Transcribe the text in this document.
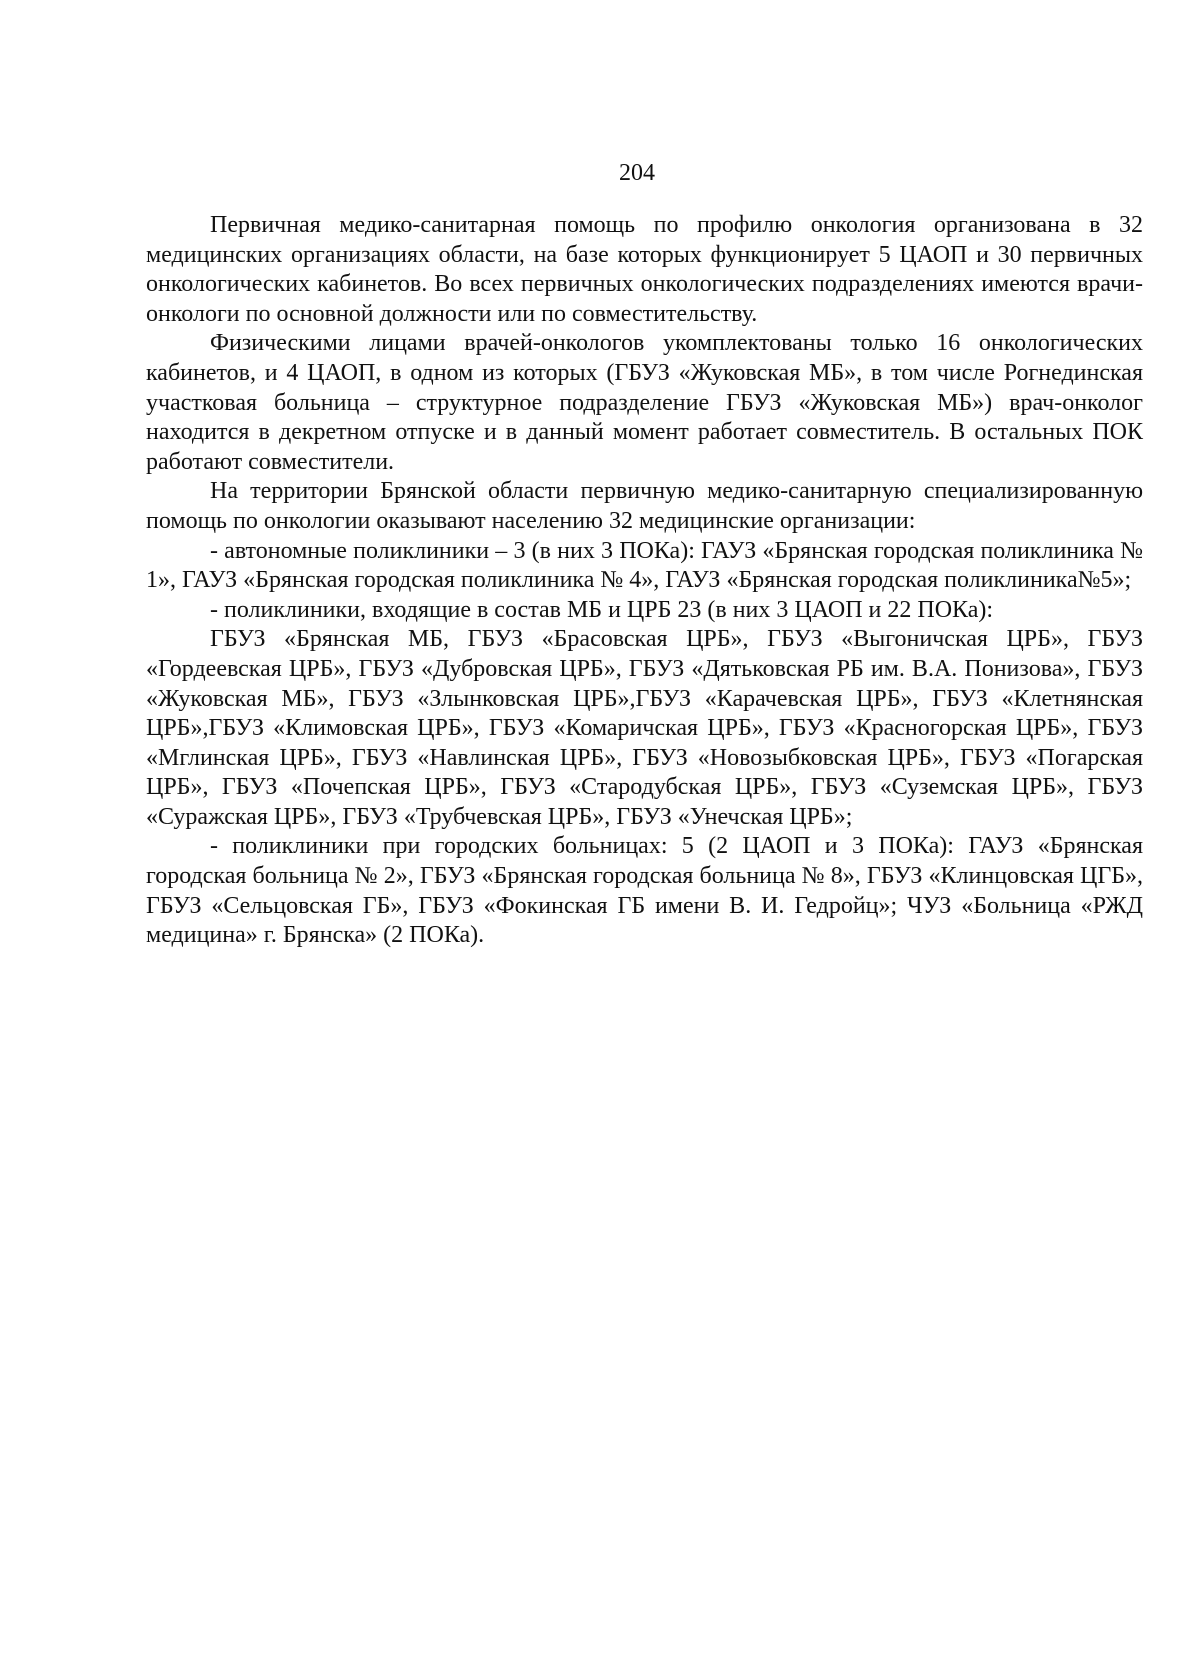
204

Первичная медико-санитарная помощь по профилю онкология организована в 32 медицинских организациях области, на базе которых функционирует 5 ЦАОП и 30 первичных онкологических кабинетов. Во всех первичных онкологических подразделениях имеются врачи-онкологи по основной должности или по совместительству.

Физическими лицами врачей-онкологов укомплектованы только 16 онкологических кабинетов, и 4 ЦАОП, в одном из которых (ГБУЗ «Жуковская МБ», в том числе Рогнединская участковая больница – структурное подразделение ГБУЗ «Жуковская МБ») врач-онколог находится в декретном отпуске и в данный момент работает совместитель. В остальных ПОК работают совместители.

На территории Брянской области первичную медико-санитарную специализированную помощь по онкологии оказывают населению 32 медицинские организации:

- автономные поликлиники – 3 (в них 3 ПОКа): ГАУЗ «Брянская городская поликлиника № 1», ГАУЗ «Брянская городская поликлиника № 4», ГАУЗ «Брянская городская поликлиника№5»;

- поликлиники, входящие в состав МБ и ЦРБ 23 (в них 3 ЦАОП и 22 ПОКа):

ГБУЗ «Брянская МБ, ГБУЗ «Брасовская ЦРБ», ГБУЗ «Выгоничская ЦРБ», ГБУЗ «Гордеевская ЦРБ», ГБУЗ «Дубровская ЦРБ», ГБУЗ «Дятьковская РБ им. В.А. Понизова», ГБУЗ «Жуковская МБ», ГБУЗ «Злынковская ЦРБ»,ГБУЗ «Карачевская ЦРБ», ГБУЗ «Клетнянская ЦРБ»,ГБУЗ «Климовская ЦРБ», ГБУЗ «Комаричская ЦРБ», ГБУЗ «Красногорская ЦРБ», ГБУЗ «Мглинская ЦРБ», ГБУЗ «Навлинская ЦРБ», ГБУЗ «Новозыбковская ЦРБ», ГБУЗ «Погарская ЦРБ», ГБУЗ «Почепская ЦРБ», ГБУЗ «Стародубская ЦРБ», ГБУЗ «Суземская ЦРБ», ГБУЗ «Суражская ЦРБ», ГБУЗ «Трубчевская ЦРБ», ГБУЗ «Унечская ЦРБ»;

- поликлиники при городских больницах: 5 (2 ЦАОП и 3 ПОКа): ГАУЗ «Брянская городская больница № 2», ГБУЗ «Брянская городская больница № 8», ГБУЗ «Клинцовская ЦГБ», ГБУЗ «Сельцовская ГБ», ГБУЗ «Фокинская ГБ имени В. И. Гедройц»; ЧУЗ «Больница «РЖД медицина» г. Брянска» (2 ПОКа).
